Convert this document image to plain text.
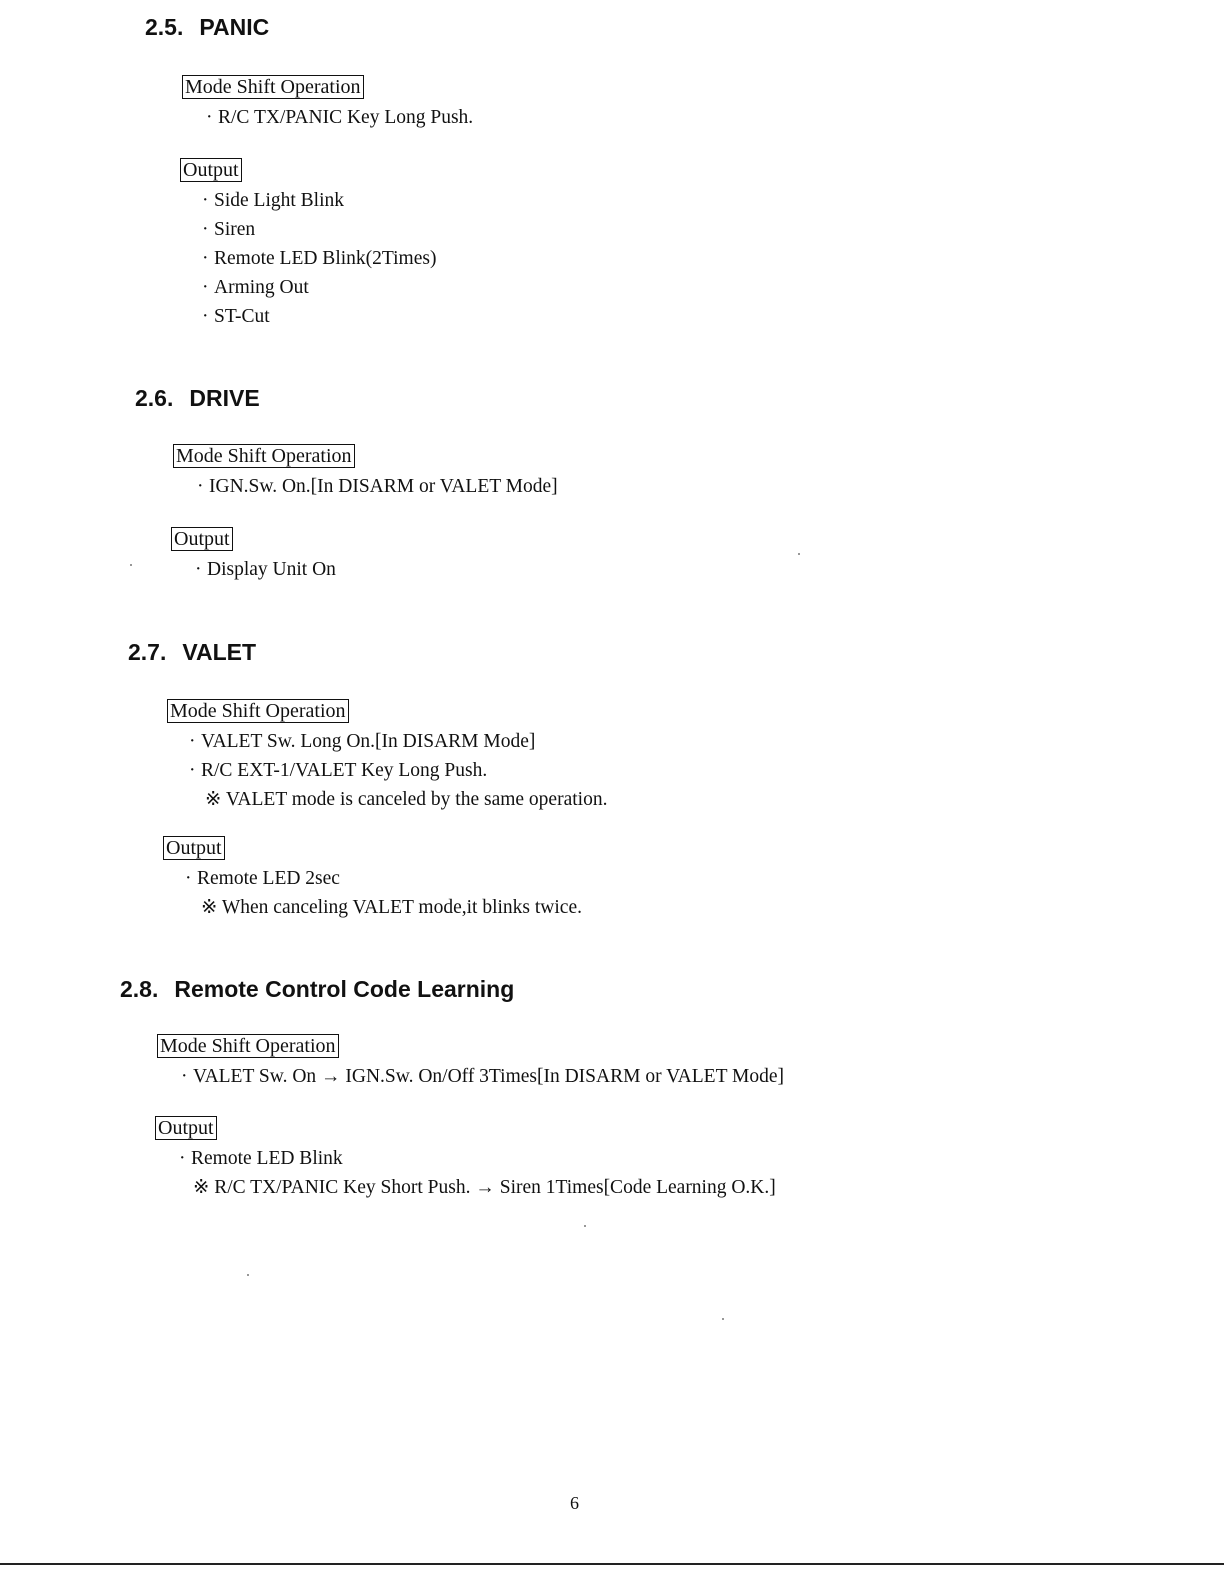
2.5. PANIC
Mode Shift Operation
· R/C TX/PANIC Key Long Push.
Output
· Side Light Blink
· Siren
· Remote LED Blink(2Times)
· Arming Out
· ST-Cut
2.6. DRIVE
Mode Shift Operation
· IGN.Sw. On.[In DISARM or VALET Mode]
Output
· Display Unit On
2.7. VALET
Mode Shift Operation
· VALET Sw. Long On.[In DISARM Mode]
· R/C EXT-1/VALET Key Long Push.
※ VALET mode is canceled by the same operation.
Output
· Remote LED 2sec
※ When canceling VALET mode,it blinks twice.
2.8. Remote Control Code Learning
Mode Shift Operation
· VALET Sw. On → IGN.Sw. On/Off 3Times[In DISARM or VALET Mode]
Output
· Remote LED Blink
※ R/C TX/PANIC Key Short Push. → Siren 1Times[Code Learning O.K.]
6
